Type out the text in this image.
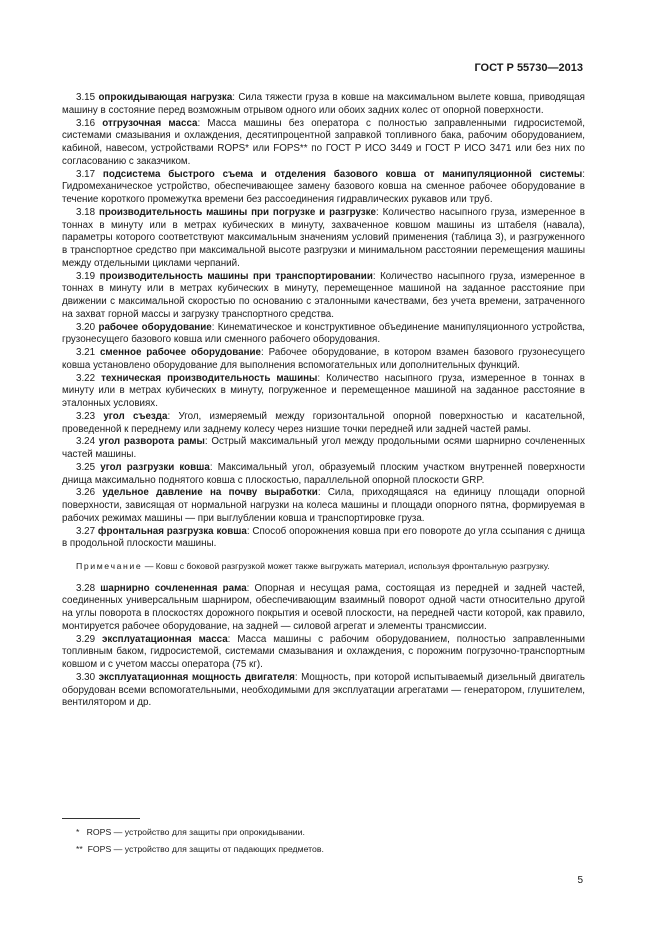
ГОСТ Р 55730—2013

3.15 опрокидывающая нагрузка: Сила тяжести груза в ковше на максимальном вылете ковша, приводящая машину в состояние перед возможным отрывом одного или обоих задних колес от опорной поверхности.

3.16 отгрузочная масса: Масса машины без оператора с полностью заправленными гидросистемой, системами смазывания и охлаждения, десятипроцентной заправкой топливного бака, рабочим оборудованием, кабиной, навесом, устройствами ROPS* или FOPS** по ГОСТ Р ИСО 3449 и ГОСТ Р ИСО 3471 или без них по согласованию с заказчиком.

3.17 подсистема быстрого съема и отделения базового ковша от манипуляционной системы: Гидромеханическое устройство, обеспечивающее замену базового ковша на сменное рабочее оборудование в течение короткого промежутка времени без рассоединения гидравлических рукавов или труб.

3.18 производительность машины при погрузке и разгрузке: Количество насыпного груза, измеренное в тоннах в минуту или в метрах кубических в минуту, захваченное ковшом машины из штабеля (навала), параметры которого соответствуют максимальным значениям условий применения (таблица 3), и разгруженного в транспортное средство при максимальной высоте разгрузки и минимальном расстоянии перемещения машины между отдельными циклами черпаний.

3.19 производительность машины при транспортировании: Количество насыпного груза, измеренное в тоннах в минуту или в метрах кубических в минуту, перемещенное машиной на заданное расстояние при движении с максимальной скоростью по основанию с эталонными качествами, без учета времени, затраченного на захват горной массы и загрузку транспортного средства.

3.20 рабочее оборудование: Кинематическое и конструктивное объединение манипуляционного устройства, грузонесущего базового ковша или сменного рабочего оборудования.

3.21 сменное рабочее оборудование: Рабочее оборудование, в котором взамен базового грузонесущего ковша установлено оборудование для выполнения вспомогательных или дополнительных функций.

3.22 техническая производительность машины: Количество насыпного груза, измеренное в тоннах в минуту или в метрах кубических в минуту, погруженное и перемещенное машиной на заданное расстояние в эталонных условиях.

3.23 угол съезда: Угол, измеряемый между горизонтальной опорной поверхностью и касательной, проведенной к переднему или заднему колесу через низшие точки передней или задней частей рамы.

3.24 угол разворота рамы: Острый максимальный угол между продольными осями шарнирно сочлененных частей машины.

3.25 угол разгрузки ковша: Максимальный угол, образуемый плоским участком внутренней поверхности днища максимально поднятого ковша с плоскостью, параллельной опорной плоскости GRP.

3.26 удельное давление на почву выработки: Сила, приходящаяся на единицу площади опорной поверхности, зависящая от нормальной нагрузки на колеса машины и площади опорного пятна, формируемая в рабочих режимах машины — при выглублении ковша и транспортировке груза.

3.27 фронтальная разгрузка ковша: Способ опорожнения ковша при его повороте до угла ссыпания с днища в продольной плоскости машины.

Примечание — Ковш с боковой разгрузкой может также выгружать материал, используя фронтальную разгрузку.

3.28 шарнирно сочлененная рама: Опорная и несущая рама, состоящая из передней и задней частей, соединенных универсальным шарниром, обеспечивающим взаимный поворот одной части относительно другой на углы поворота в плоскостях дорожного покрытия и осевой плоскости, на передней части которой, как правило, монтируется рабочее оборудование, на задней — силовой агрегат и элементы трансмиссии.

3.29 эксплуатационная масса: Масса машины с рабочим оборудованием, полностью заправленными топливным баком, гидросистемой, системами смазывания и охлаждения, с порожним погрузочно-транспортным ковшом и с учетом массы оператора (75 кг).

3.30 эксплуатационная мощность двигателя: Мощность, при которой испытываемый дизельный двигатель оборудован всеми вспомогательными, необходимыми для эксплуатации агрегатами — генератором, глушителем, вентилятором и др.

*   ROPS — устройство для защиты при опрокидывании.
**  FOPS — устройство для защиты от падающих предметов.
5
